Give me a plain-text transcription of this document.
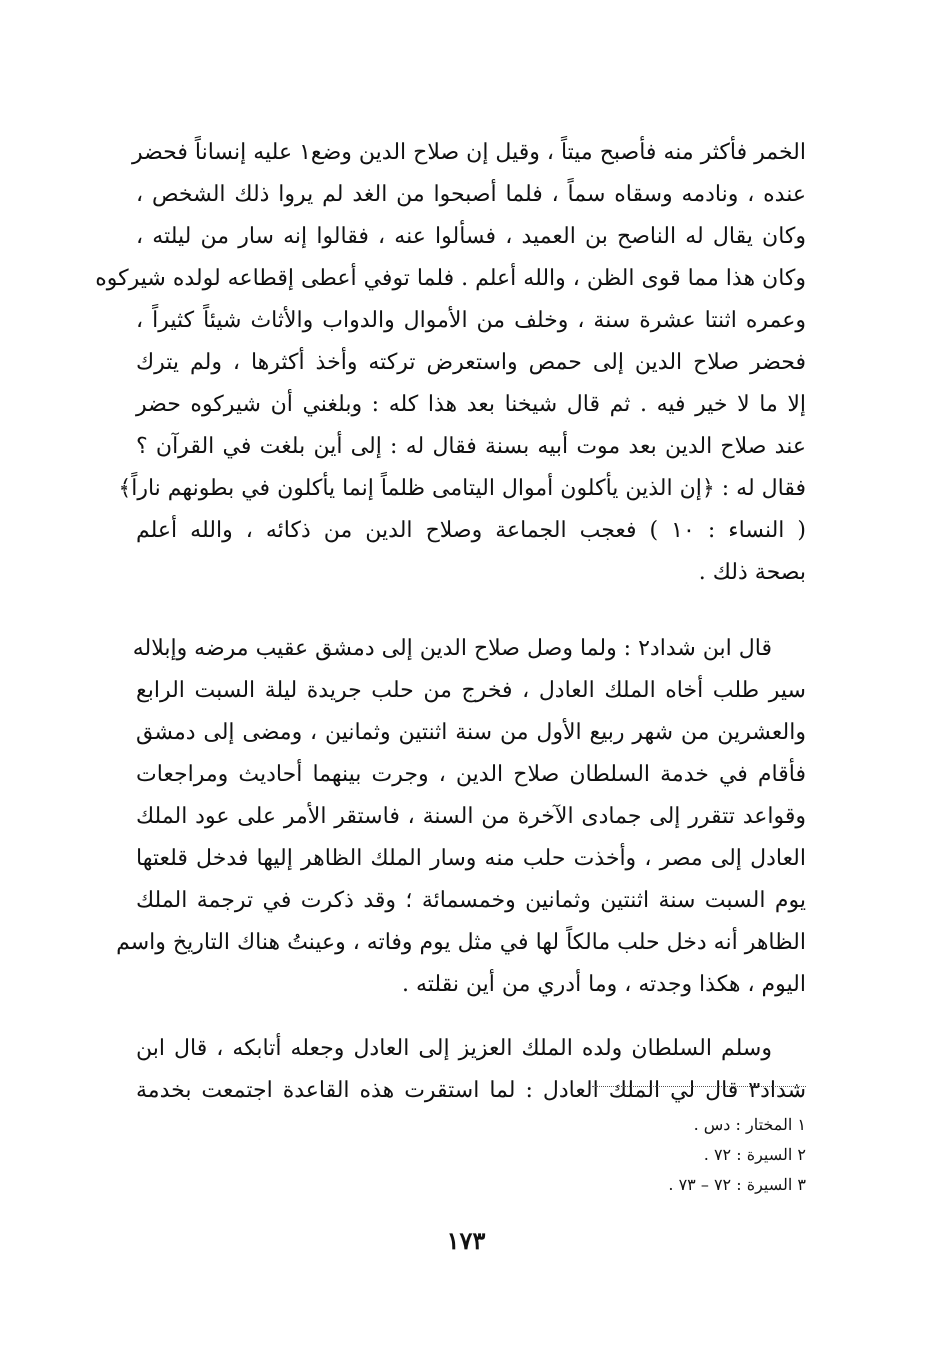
الخمر فأكثر منه فأصبح ميتاً ، وقيل إن صلاح الدين وضع١ عليه إنساناً فحضر
عنده ، ونادمه وسقاه سماً ، فلما أصبحوا من الغد لم يروا ذلك الشخص ،
وكان يقال له الناصح بن العميد ، فسألوا عنه ، فقالوا إنه سار من ليلته ،
وكان هذا مما قوى الظن ، والله أعلم . فلما توفي أعطى إقطاعه لولده شيركوه
وعمره اثنتا عشرة سنة ، وخلف من الأموال والدواب والأثاث شيئاً كثيراً ،
فحضر صلاح الدين إلى حمص واستعرض تركته وأخذ أكثرها ، ولم يترك
إلا ما لا خير فيه . ثم قال شيخنا بعد هذا كله : وبلغني أن شيركوه حضر
عند صلاح الدين بعد موت أبيه بسنة فقال له : إلى أين بلغت في القرآن ؟
فقال له : ﴿إن الذين يأكلون أموال اليتامى ظلماً إنما يأكلون في بطونهم ناراً﴾
( النساء : ١٠ ) فعجب الجماعة وصلاح الدين من ذكائه ، والله أعلم
بصحة ذلك .
قال ابن شداد٢ : ولما وصل صلاح الدين إلى دمشق عقيب مرضه وإبلاله
سير طلب أخاه الملك العادل ، فخرج من حلب جريدة ليلة السبت الرابع
والعشرين من شهر ربيع الأول من سنة اثنتين وثمانين ، ومضى إلى دمشق
فأقام في خدمة السلطان صلاح الدين ، وجرت بينهما أحاديث ومراجعات
وقواعد تتقرر إلى جمادى الآخرة من السنة ، فاستقر الأمر على عود الملك
العادل إلى مصر ، وأخذت حلب منه وسار الملك الظاهر إليها فدخل قلعتها
يوم السبت سنة اثنتين وثمانين وخمسمائة ؛ وقد ذكرت في ترجمة الملك
الظاهر أنه دخل حلب مالكاً لها في مثل يوم وفاته ، وعينتُ هناك التاريخ واسم
اليوم ، هكذا وجدته ، وما أدري من أين نقلته .
وسلم السلطان ولده الملك العزيز إلى العادل وجعله أتابكه ، قال ابن
شداد٣ قال لي الملك العادل : لما استقرت هذه القاعدة اجتمعت بخدمة
١ المختار : دس .
٢ السيرة : ٧٢ .
٣ السيرة : ٧٢ – ٧٣ .
١٧٣
